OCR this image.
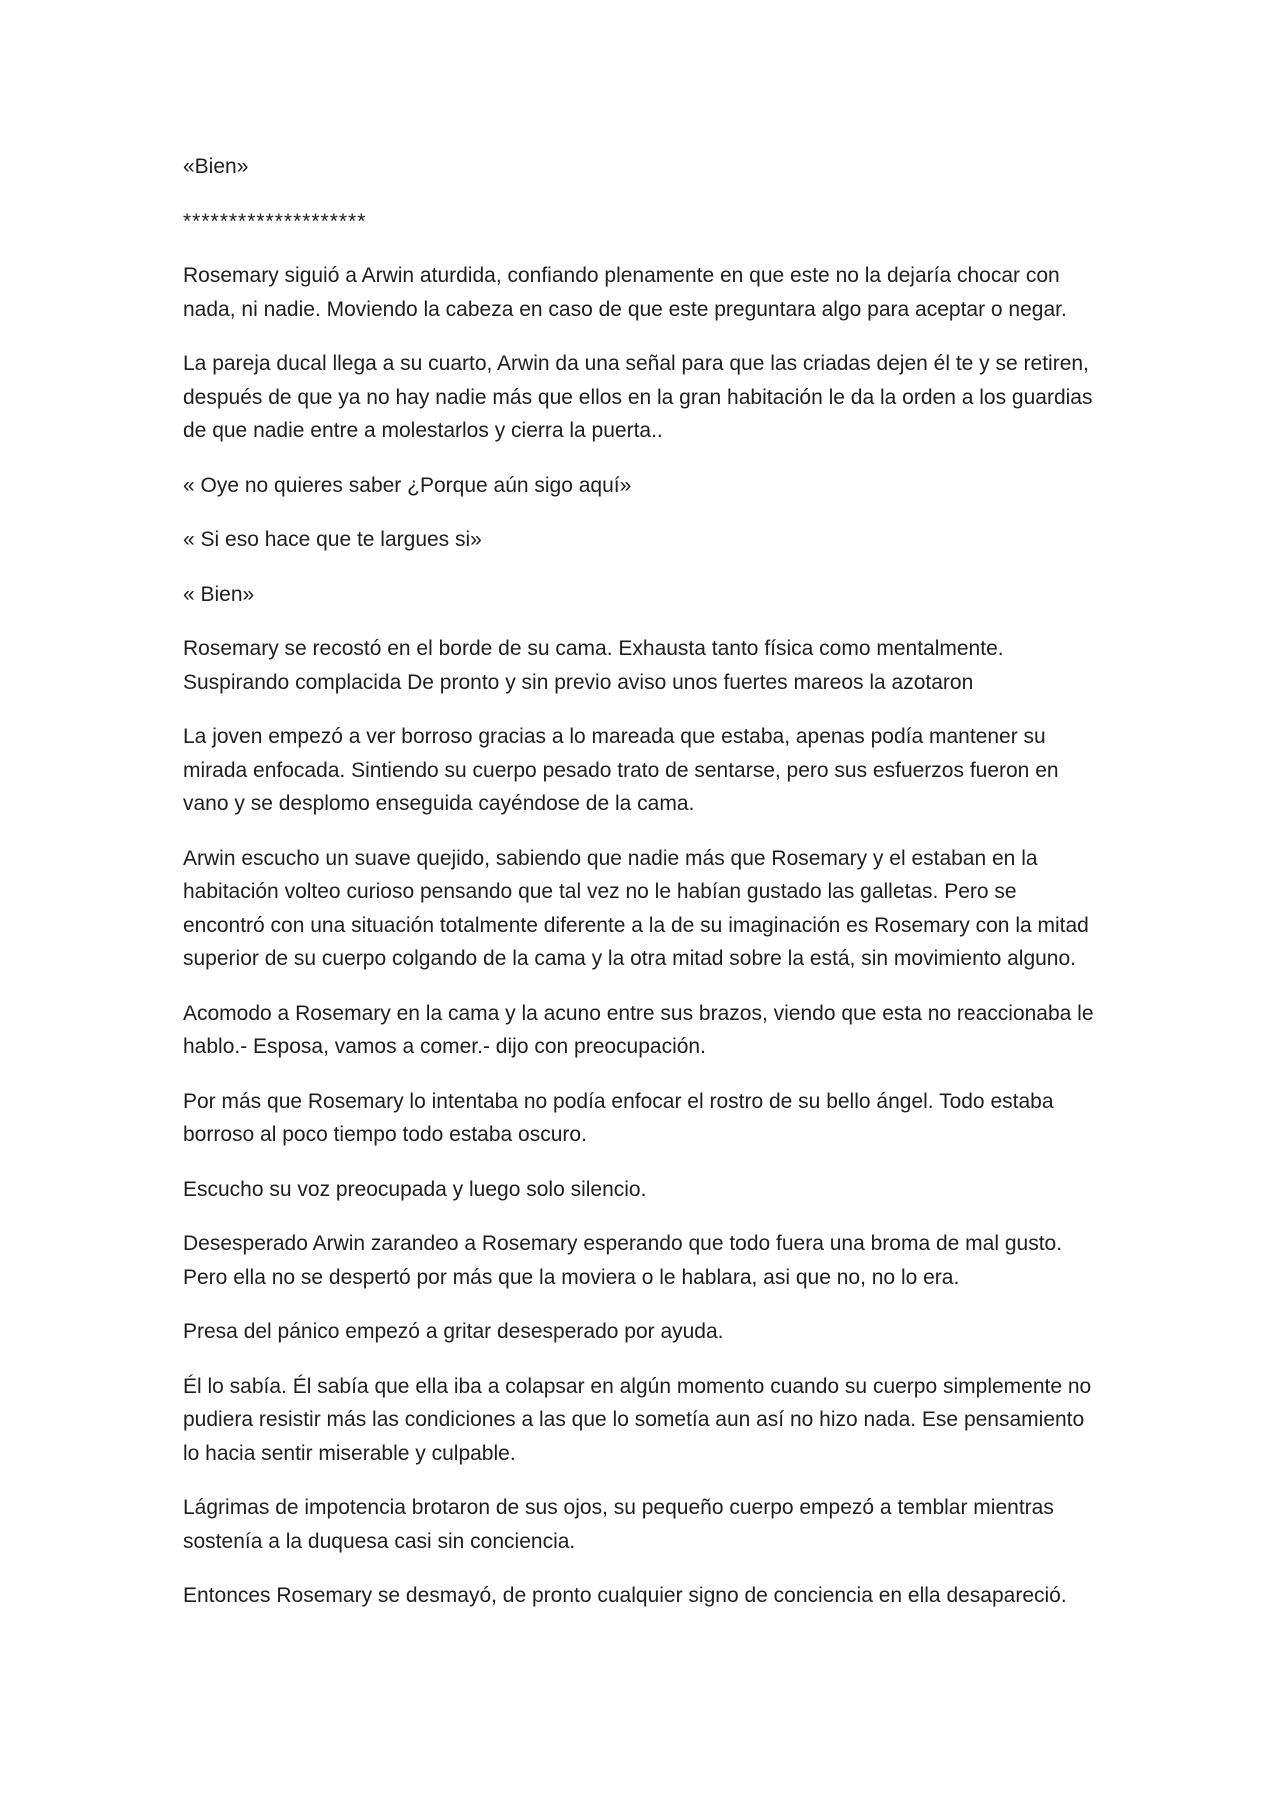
«Bien»

********************

Rosemary siguió a Arwin aturdida, confiando plenamente en que este no la dejaría chocar con nada, ni nadie. Moviendo la cabeza en caso de que este preguntara algo para aceptar o negar.

La pareja ducal llega a su cuarto, Arwin da una señal para que las criadas dejen él te y se retiren, después de que ya no hay nadie más que ellos en la gran habitación le da la orden a los guardias de que nadie entre a molestarlos y cierra la puerta..

« Oye no quieres saber ¿Porque aún sigo aquí»

« Si eso hace que te largues si»

« Bien»

Rosemary se recostó en el borde de su cama. Exhausta tanto física como mentalmente. Suspirando complacida De pronto y sin previo aviso unos fuertes mareos la azotaron

La joven empezó a ver borroso gracias a lo mareada que estaba, apenas podía mantener su mirada enfocada. Sintiendo su cuerpo pesado trato de sentarse, pero sus esfuerzos fueron en vano y se desplomo enseguida cayéndose de la cama.

Arwin escucho un suave quejido, sabiendo que nadie más que Rosemary y el estaban en la habitación volteo curioso pensando que tal vez no le habían gustado las galletas. Pero se encontró con una situación totalmente diferente a la de su imaginación es Rosemary con la mitad superior de su cuerpo colgando de la cama y la otra mitad sobre la está, sin movimiento alguno.

Acomodo a Rosemary en la cama y la acuno entre sus brazos, viendo que esta no reaccionaba le hablo.- Esposa, vamos a comer.- dijo con preocupación.

Por más que Rosemary lo intentaba no podía enfocar el rostro de su bello ángel. Todo estaba borroso al poco tiempo todo estaba oscuro.

Escucho su voz preocupada y luego solo silencio.

Desesperado Arwin zarandeo a Rosemary esperando que todo fuera una broma de mal gusto. Pero ella no se despertó por más que la moviera o le hablara, asi que no, no lo era.

Presa del pánico empezó a gritar desesperado por ayuda.

Él lo sabía. Él sabía que ella iba a colapsar en algún momento cuando su cuerpo simplemente no pudiera resistir más las condiciones a las que lo sometía aun así no hizo nada. Ese pensamiento lo hacia sentir miserable y culpable.

Lágrimas de impotencia brotaron de sus ojos, su pequeño cuerpo empezó a temblar mientras sostenía a la duquesa casi sin conciencia.

Entonces Rosemary se desmayó, de pronto cualquier signo de conciencia en ella desapareció.
